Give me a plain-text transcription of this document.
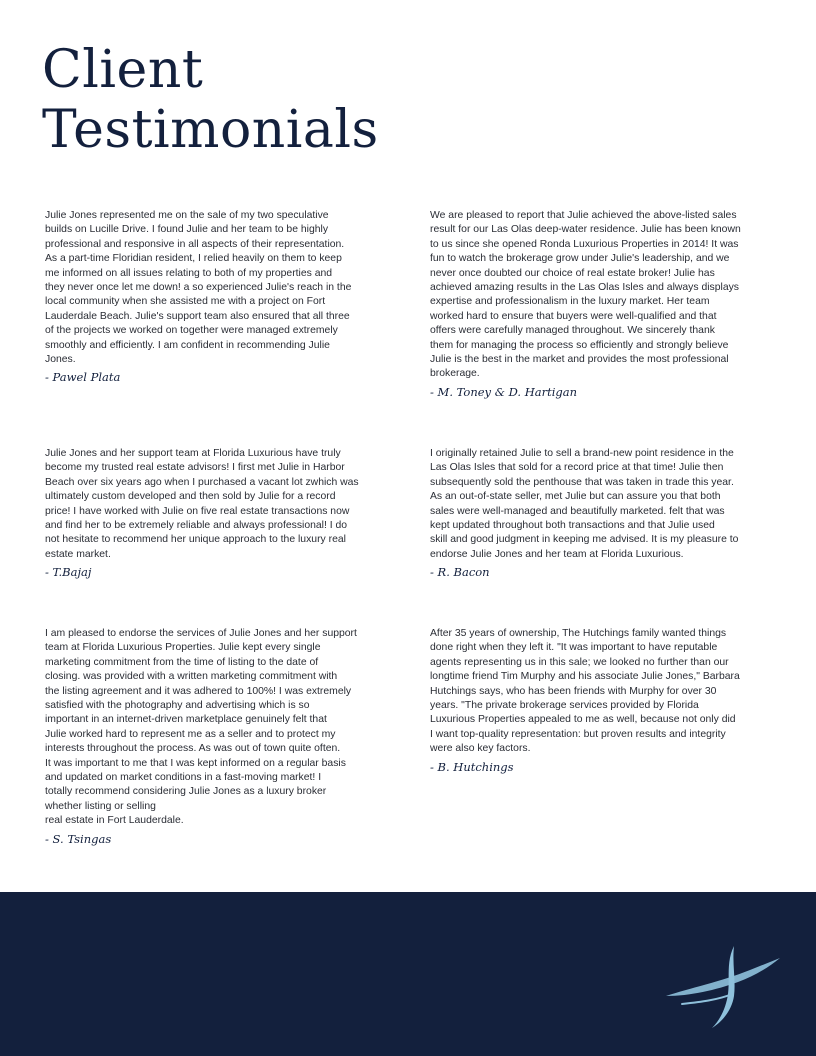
Client
Testimonials

Julie Jones represented me on the sale of my two speculative
builds on Lucille Drive. I found Julie and her team to be highly
professional and responsive in all aspects of their representation.
As a part-time Floridian resident, I relied heavily on them to keep
me informed on all issues relating to both of my properties and
they never once let me down! a so experienced Julie's reach in the
local community when she assisted me with a project on Fort
Lauderdale Beach. Julie's support team also ensured that all three
of the projects we worked on together were managed extremely
smoothly and efficiently. I am confident in recommending Julie
Jones.

- Pawel Plata

We are pleased to report that Julie achieved the above-listed sales
result for our Las Olas deep-water residence. Julie has been known
to us since she opened Ronda Luxurious Properties in 2014! It was
fun to watch the brokerage grow under Julie's leadership, and we
never once doubted our choice of real estate broker! Julie has
achieved amazing results in the Las Olas Isles and always displays
expertise and professionalism in the luxury market. Her team
worked hard to ensure that buyers were well-qualified and that
offers were carefully managed throughout. We sincerely thank
them for managing the process so efficiently and strongly believe
Julie is the best in the market and provides the most professional
brokerage.

- M. Toney & D. Hartigan

Julie Jones and her support team at Florida Luxurious have truly
become my trusted real estate advisors! I first met Julie in Harbor
Beach over six years ago when I purchased a vacant lot zwhich was
ultimately custom developed and then sold by Julie for a record
price! I have worked with Julie on five real estate transactions now
and find her to be extremely reliable and always professional! I do
not hesitate to recommend her unique approach to the luxury real
estate market.

- T.Bajaj

I originally retained Julie to sell a brand-new point residence in the
Las Olas Isles that sold for a record price at that time! Julie then
subsequently sold the penthouse that was taken in trade this year.
As an out-of-state seller, met Julie but can assure you that both
sales were well-managed and beautifully marketed. felt that was
kept updated throughout both transactions and that Julie used
skill and good judgment in keeping me advised. It is my pleasure to
endorse Julie Jones and her team at Florida Luxurious.

- R. Bacon

I am pleased to endorse the services of Julie Jones and her support
team at Florida Luxurious Properties. Julie kept every single
marketing commitment from the time of listing to the date of
closing. was provided with a written marketing commitment with
the listing agreement and it was adhered to 100%! I was extremely
satisfied with the photography and advertising which is so
important in an internet-driven marketplace genuinely felt that
Julie worked hard to represent me as a seller and to protect my
interests throughout the process. As was out of town quite often.
It was important to me that I was kept informed on a regular basis
and updated on market conditions in a fast-moving market! I
totally recommend considering Julie Jones as a luxury broker
whether listing or selling
real estate in Fort Lauderdale.

- S. Tsingas

After 35 years of ownership, The Hutchings family wanted things
done right when they left it. "It was important to have reputable
agents representing us in this sale; we looked no further than our
longtime friend Tim Murphy and his associate Julie Jones," Barbara
Hutchings says, who has been friends with Murphy for over 30
years. "The private brokerage services provided by Florida
Luxurious Properties appealed to me as well, because not only did
I want top-quality representation: but proven results and integrity
were also key factors.

- B. Hutchings
